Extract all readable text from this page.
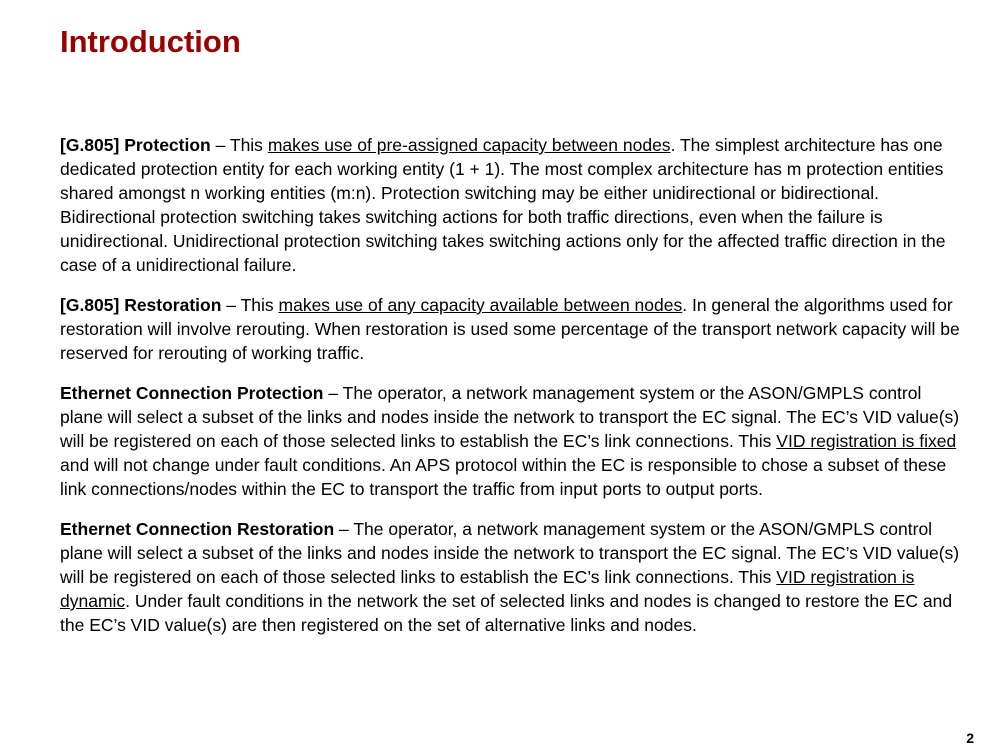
Introduction

[G.805] Protection – This makes use of pre-assigned capacity between nodes. The simplest architecture has one dedicated protection entity for each working entity (1 + 1). The most complex architecture has m protection entities shared amongst n working entities (m:n). Protection switching may be either unidirectional or bidirectional. Bidirectional protection switching takes switching actions for both traffic directions, even when the failure is unidirectional. Unidirectional protection switching takes switching actions only for the affected traffic direction in the case of a unidirectional failure.

[G.805] Restoration – This makes use of any capacity available between nodes. In general the algorithms used for restoration will involve rerouting. When restoration is used some percentage of the transport network capacity will be reserved for rerouting of working traffic.

Ethernet Connection Protection – The operator, a network management system or the ASON/GMPLS control plane will select a subset of the links and nodes inside the network to transport the EC signal. The EC’s VID value(s) will be registered on each of those selected links to establish the EC’s link connections. This VID registration is fixed and will not change under fault conditions. An APS protocol within the EC is responsible to chose a subset of these link connections/nodes within the EC to transport the traffic from input ports to output ports.

Ethernet Connection Restoration – The operator, a network management system or the ASON/GMPLS control plane will select a subset of the links and nodes inside the network to transport the EC signal. The EC’s VID value(s) will be registered on each of those selected links to establish the EC’s link connections. This VID registration is dynamic. Under fault conditions in the network the set of selected links and nodes is changed to restore the EC and the EC’s VID value(s) are then registered on the set of alternative links and nodes.

2
